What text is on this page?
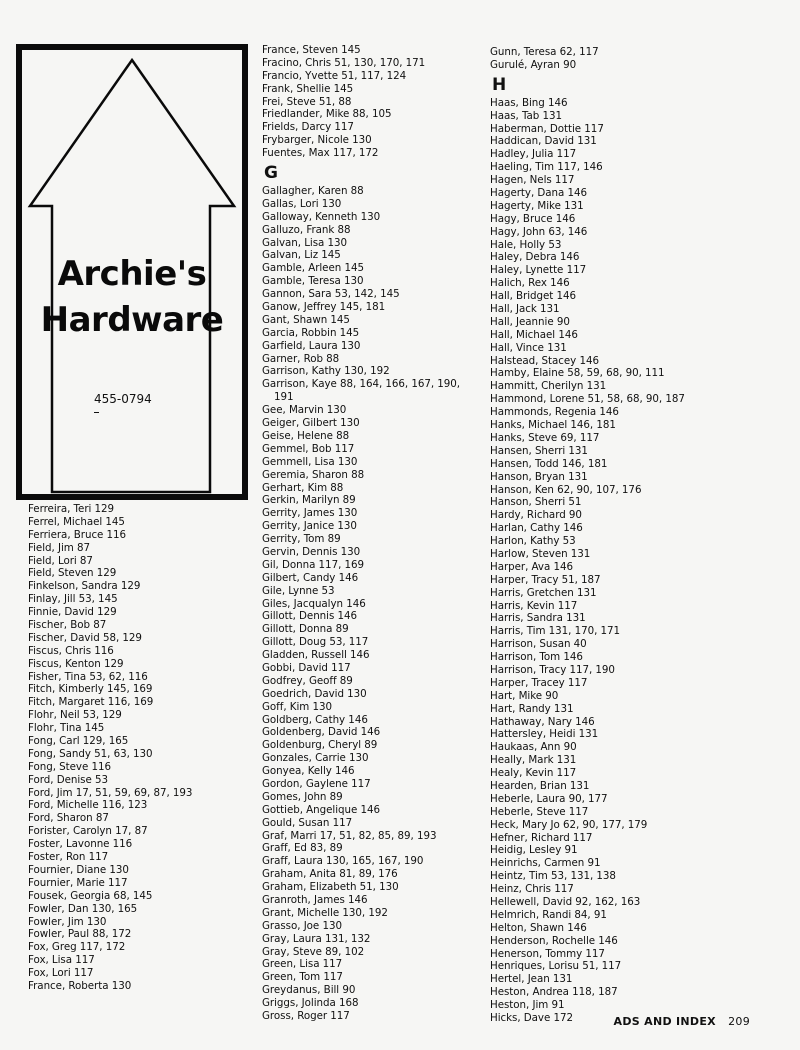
Archie's
Hardware
455-0794
Ferreira, Teri 129
Ferrel, Michael 145
Ferriera, Bruce 116
Field, Jim 87
Field, Lori 87
Field, Steven 129
Finkelson, Sandra 129
Finlay, Jill 53, 145
Finnie, David 129
Fischer, Bob 87
Fischer, David 58, 129
Fiscus, Chris 116
Fiscus, Kenton 129
Fisher, Tina 53, 62, 116
Fitch, Kimberly 145, 169
Fitch, Margaret 116, 169
Flohr, Neil 53, 129
Flohr, Tina 145
Fong, Carl 129, 165
Fong, Sandy 51, 63, 130
Fong, Steve 116
Ford, Denise 53
Ford, Jim 17, 51, 59, 69, 87, 193
Ford, Michelle 116, 123
Ford, Sharon 87
Forister, Carolyn 17, 87
Foster, Lavonne 116
Foster, Ron 117
Fournier, Diane 130
Fournier, Marie 117
Fousek, Georgia 68, 145
Fowler, Dan 130, 165
Fowler, Jim 130
Fowler, Paul 88, 172
Fox, Greg 117, 172
Fox, Lisa 117
Fox, Lori 117
France, Roberta 130
France, Steven 145
Fracino, Chris 51, 130, 170, 171
Francio, Yvette 51, 117, 124
Frank, Shellie 145
Frei, Steve 51, 88
Friedlander, Mike 88, 105
Frields, Darcy 117
Frybarger, Nicole 130
Fuentes, Max 117, 172
G
Gallagher, Karen 88
Gallas, Lori 130
Galloway, Kenneth 130
Galluzo, Frank 88
Galvan, Lisa 130
Galvan, Liz 145
Gamble, Arleen 145
Gamble, Teresa 130
Gannon, Sara 53, 142, 145
Ganow, Jeffrey 145, 181
Gant, Shawn 145
Garcia, Robbin 145
Garfield, Laura 130
Garner, Rob 88
Garrison, Kathy 130, 192
Garrison, Kaye 88, 164, 166, 167, 190,
191
Gee, Marvin 130
Geiger, Gilbert 130
Geise, Helene 88
Gemmel, Bob 117
Gemmell, Lisa 130
Geremia, Sharon 88
Gerhart, Kim 88
Gerkin, Marilyn 89
Gerrity, James 130
Gerrity, Janice 130
Gerrity, Tom 89
Gervin, Dennis 130
Gil, Donna 117, 169
Gilbert, Candy 146
Gile, Lynne 53
Giles, Jacqualyn 146
Gillott, Dennis 146
Gillott, Donna 89
Gillott, Doug 53, 117
Gladden, Russell 146
Gobbi, David 117
Godfrey, Geoff 89
Goedrich, David 130
Goff, Kim 130
Goldberg, Cathy 146
Goldenberg, David 146
Goldenburg, Cheryl 89
Gonzales, Carrie 130
Gonyea, Kelly 146
Gordon, Gaylene 117
Gomes, John 89
Gottieb, Angelique 146
Gould, Susan 117
Graf, Marri 17, 51, 82, 85, 89, 193
Graff, Ed 83, 89
Graff, Laura 130, 165, 167, 190
Graham, Anita 81, 89, 176
Graham, Elizabeth 51, 130
Granroth, James 146
Grant, Michelle 130, 192
Grasso, Joe 130
Gray, Laura 131, 132
Gray, Steve 89, 102
Green, Lisa 117
Green, Tom 117
Greydanus, Bill 90
Griggs, Jolinda 168
Gross, Roger 117
Gunn, Teresa 62, 117
Gurulé, Ayran 90
H
Haas, Bing 146
Haas, Tab 131
Haberman, Dottie 117
Haddican, David 131
Hadley, Julia 117
Haeling, Tim 117, 146
Hagen, Nels 117
Hagerty, Dana 146
Hagerty, Mike 131
Hagy, Bruce 146
Hagy, John 63, 146
Hale, Holly 53
Haley, Debra 146
Haley, Lynette 117
Halich, Rex 146
Hall, Bridget 146
Hall, Jack 131
Hall, Jeannie 90
Hall, Michael 146
Hall, Vince 131
Halstead, Stacey 146
Hamby, Elaine 58, 59, 68, 90, 111
Hammitt, Cherilyn 131
Hammond, Lorene 51, 58, 68, 90, 187
Hammonds, Regenia 146
Hanks, Michael 146, 181
Hanks, Steve 69, 117
Hansen, Sherri 131
Hansen, Todd 146, 181
Hanson, Bryan 131
Hanson, Ken 62, 90, 107, 176
Hanson, Sherri 51
Hardy, Richard 90
Harlan, Cathy 146
Harlon, Kathy 53
Harlow, Steven 131
Harper, Ava 146
Harper, Tracy 51, 187
Harris, Gretchen 131
Harris, Kevin 117
Harris, Sandra 131
Harris, Tim 131, 170, 171
Harrison, Susan 40
Harrison, Tom 146
Harrison, Tracy 117, 190
Harper, Tracey 117
Hart, Mike 90
Hart, Randy 131
Hathaway, Nary 146
Hattersley, Heidi 131
Haukaas, Ann 90
Heally, Mark 131
Healy, Kevin 117
Hearden, Brian 131
Heberle, Laura 90, 177
Heberle, Steve 117
Heck, Mary Jo 62, 90, 177, 179
Hefner, Richard 117
Heidig, Lesley 91
Heinrichs, Carmen 91
Heintz, Tim 53, 131, 138
Heinz, Chris 117
Hellewell, David 92, 162, 163
Helmrich, Randi 84, 91
Helton, Shawn 146
Henderson, Rochelle 146
Henerson, Tommy 117
Henriques, Lorisu 51, 117
Hertel, Jean 131
Heston, Andrea 118, 187
Heston, Jim 91
Hicks, Dave 172	ADS AND INDEX 209
